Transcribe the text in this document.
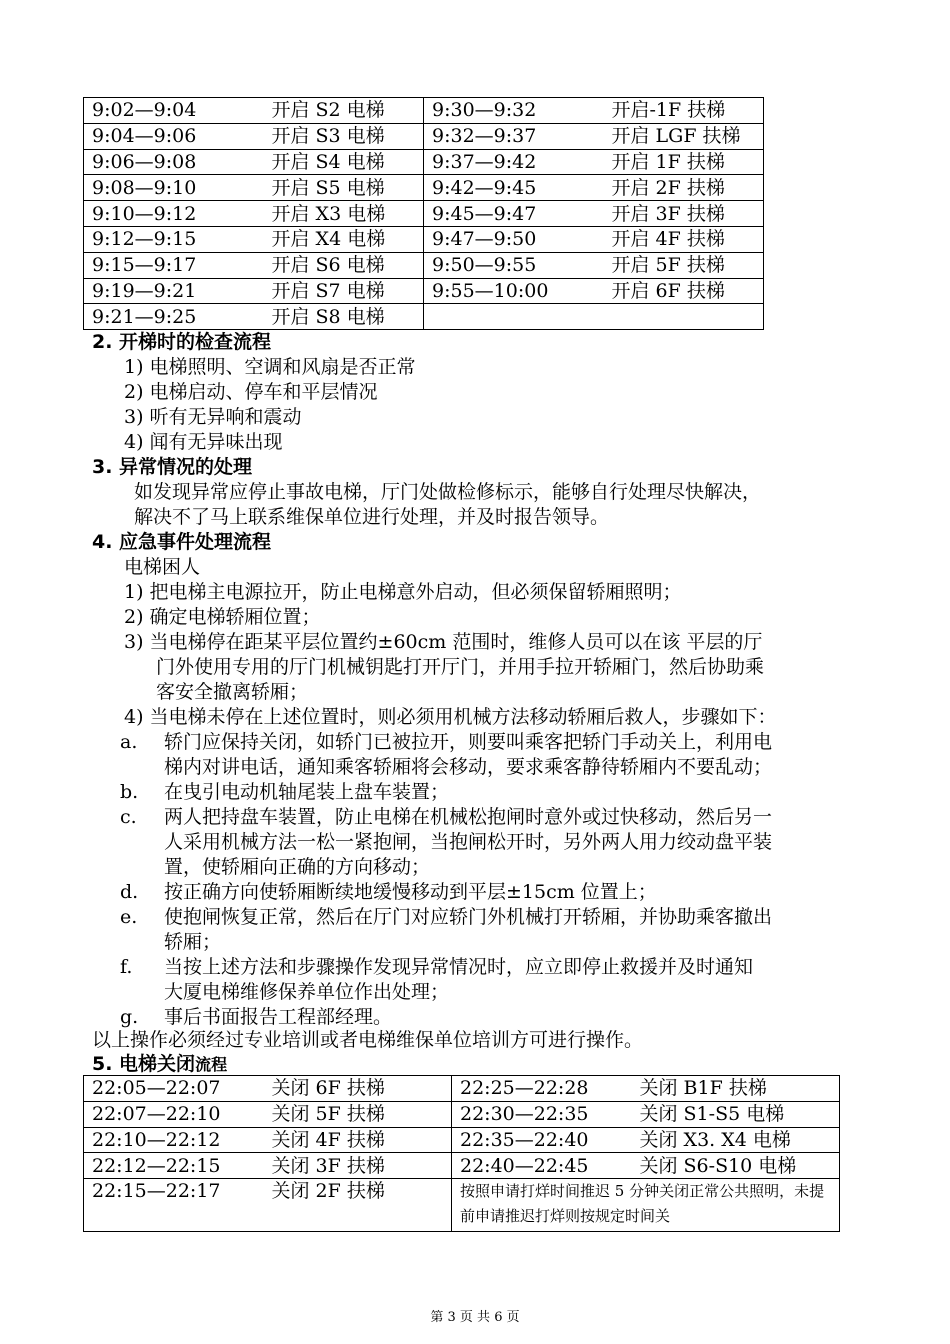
9:02—9:04	开启 S2 电梯	9:30—9:32	开启-1F 扶梯
9:04—9:06	开启 S3 电梯	9:32—9:37	开启 LGF 扶梯
9:06—9:08	开启 S4 电梯	9:37—9:42	开启 1F 扶梯
9:08—9:10	开启 S5 电梯	9:42—9:45	开启 2F 扶梯
9:10—9:12	开启 X3 电梯	9:45—9:47	开启 3F 扶梯
9:12—9:15	开启 X4 电梯	9:47—9:50	开启 4F 扶梯
9:15—9:17	开启 S6 电梯	9:50—9:55	开启 5F 扶梯
9:19—9:21	开启 S7 电梯	9:55—10:00	开启 6F 扶梯
9:21—9:25	开启 S8 电梯		
2. 开梯时的检查流程
1) 电梯照明、空调和风扇是否正常
2) 电梯启动、停车和平层情况
3) 听有无异响和震动
4) 闻有无异味出现
3. 异常情况的处理
如发现异常应停止事故电梯，厅门处做检修标示，能够自行处理尽快解决，
解决不了马上联系维保单位进行处理，并及时报告领导。
4. 应急事件处理流程
电梯困人
1) 把电梯主电源拉开，防止电梯意外启动，但必须保留轿厢照明；
2) 确定电梯轿厢位置；
3) 当电梯停在距某平层位置约±60cm 范围时，维修人员可以在该 平层的厅
门外使用专用的厅门机械钥匙打开厅门，并用手拉开轿厢门，然后协助乘
客安全撤离轿厢；
4) 当电梯未停在上述位置时，则必须用机械方法移动轿厢后救人，步骤如下：
a. 轿门应保持关闭，如轿门已被拉开，则要叫乘客把轿门手动关上，利用电
梯内对讲电话，通知乘客轿厢将会移动，要求乘客静待轿厢内不要乱动；
b. 在曳引电动机轴尾装上盘车装置；
c. 两人把持盘车装置，防止电梯在机械松抱闸时意外或过快移动，然后另一
人采用机械方法一松一紧抱闸，当抱闸松开时，另外两人用力绞动盘平装
置，使轿厢向正确的方向移动；
d. 按正确方向使轿厢断续地缓慢移动到平层±15cm 位置上；
e. 使抱闸恢复正常，然后在厅门对应轿门外机械打开轿厢，并协助乘客撤出
轿厢；
f. 当按上述方法和步骤操作发现异常情况时，应立即停止救援并及时通知
大厦电梯维修保养单位作出处理；
g. 事后书面报告工程部经理。
以上操作必须经过专业培训或者电梯维保单位培训方可进行操作。
5. 电梯关闭流程
22:05—22:07	关闭 6F 扶梯	22:25—22:28	关闭 B1F 扶梯
22:07—22:10	关闭 5F 扶梯	22:30—22:35	关闭 S1-S5 电梯
22:10—22:12	关闭 4F 扶梯	22:35—22:40	关闭 X3. X4 电梯
22:12—22:15	关闭 3F 扶梯	22:40—22:45	关闭 S6-S10 电梯
22:15—22:17	关闭 2F 扶梯	按照申请打烊时间推迟 5 分钟关闭正常公共照明，未提前申请推迟打烊则按规定时间关	
第 3 页 共 6 页
